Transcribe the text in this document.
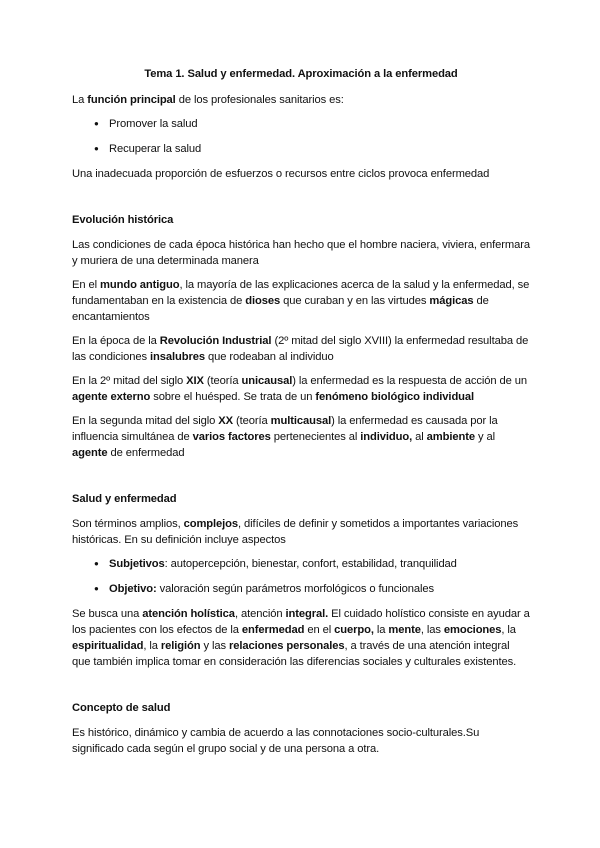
Tema 1. Salud y enfermedad. Aproximación a la enfermedad

La función principal de los profesionales sanitarios es:

● Promover la salud
● Recuperar la salud

Una inadecuada proporción de esfuerzos o recursos entre ciclos provoca enfermedad

Evolución histórica

Las condiciones de cada época histórica han hecho que el hombre naciera, viviera, enfermara y muriera de una determinada manera

En el mundo antiguo, la mayoría de las explicaciones acerca de la salud y la enfermedad, se fundamentaban en la existencia de dioses que curaban y en las virtudes mágicas de encantamientos

En la época de la Revolución Industrial (2º mitad del siglo XVIII) la enfermedad resultaba de las condiciones insalubres que rodeaban al individuo

En la 2º mitad del siglo XIX (teoría unicausal) la enfermedad es la respuesta de acción de un agente externo sobre el huésped. Se trata de un fenómeno biológico individual

En la segunda mitad del siglo XX (teoría multicausal) la enfermedad es causada por la influencia simultánea de varios factores pertenecientes al individuo, al ambiente y al agente de enfermedad

Salud y enfermedad

Son términos amplios, complejos, difíciles de definir y sometidos a importantes variaciones históricas. En su definición incluye aspectos

● Subjetivos: autopercepción, bienestar, confort, estabilidad, tranquilidad
● Objetivo: valoración según parámetros morfológicos o funcionales

Se busca una atención holística, atención integral. El cuidado holístico consiste en ayudar a los pacientes con los efectos de la enfermedad en el cuerpo, la mente, las emociones, la espiritualidad, la religión y las relaciones personales, a través de una atención integral que también implica tomar en consideración las diferencias sociales y culturales existentes.

Concepto de salud

Es histórico, dinámico y cambia de acuerdo a las connotaciones socio-culturales.Su significado cada según el grupo social y de una persona a otra.
